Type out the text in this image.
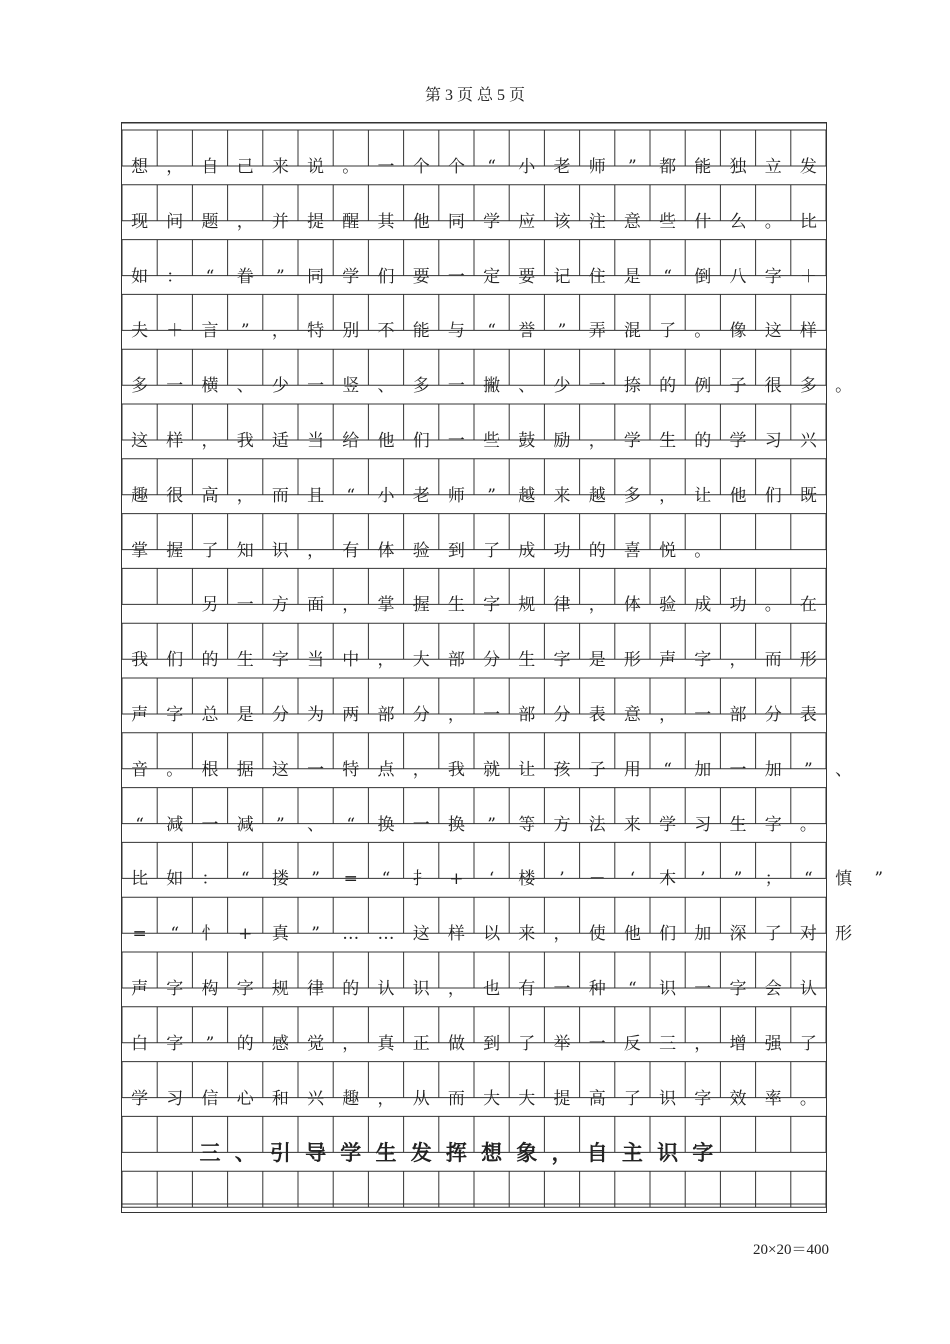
第 3 页 总 5 页
想	，	自	己	来	说	。	一	个	个	“	小	老	师	”	都	能	独	立	发
现	问	题	，	并	提	醒	其	他	同	学	应	该	注	意	些	什	么	。	比
如	：	“	眷	”	同	学	们	要	一	定	要	记	住	是	“	倒	八	字	＋
夫	＋	言	”	，	特	别	不	能	与	“	誉	”	弄	混	了	。	像	这	样
多	一	横	、	少	一	竖	、	多	一	撇	、	少	一	捺	的	例	子	很	多	。
这	样	，	我	适	当	给	他	们	一	些	鼓	励	，	学	生	的	学	习	兴
趣	很	高	，	而	且	“	小	老	师	”	越	来	越	多	，	让	他	们	既
掌	握	了	知	识	，	有	体	验	到	了	成	功	的	喜	悦	。
另	一	方	面	，	掌	握	生	字	规	律	，	体	验	成	功	。	在
我	们	的	生	字	当	中	，	大	部	分	生	字	是	形	声	字	，	而	形
声	字	总	是	分	为	两	部	分	，	一	部	分	表	意	，	一	部	分	表
音	。	根	据	这	一	特	点	，	我	就	让	孩	子	用	“	加	一	加	”	、
“	减	一	减	”	、	“	换	一	换	”	等	方	法	来	学	习	生	字	。
比	如	：	“	搂	”	=	“	扌	+	‘	楼	’	－	‘	木	’	”	；	“	慎	”
=	“	忄	+	真	”	…	…	这	样	以	来	，	使	他	们	加	深	了	对	形
声	字	构	字	规	律	的	认	识	，	也	有	一	种	“	识	一	字	会	认
白	字	”	的	感	觉	，	真	正	做	到	了	举	一	反	三	，	增	强	了
学	习	信	心	和	兴	趣	，	从	而	大	大	提	高	了	识	字	效	率	。
三 、 引 导 学 生 发 挥 想 象 ， 自 主 识 字
20×20＝400
